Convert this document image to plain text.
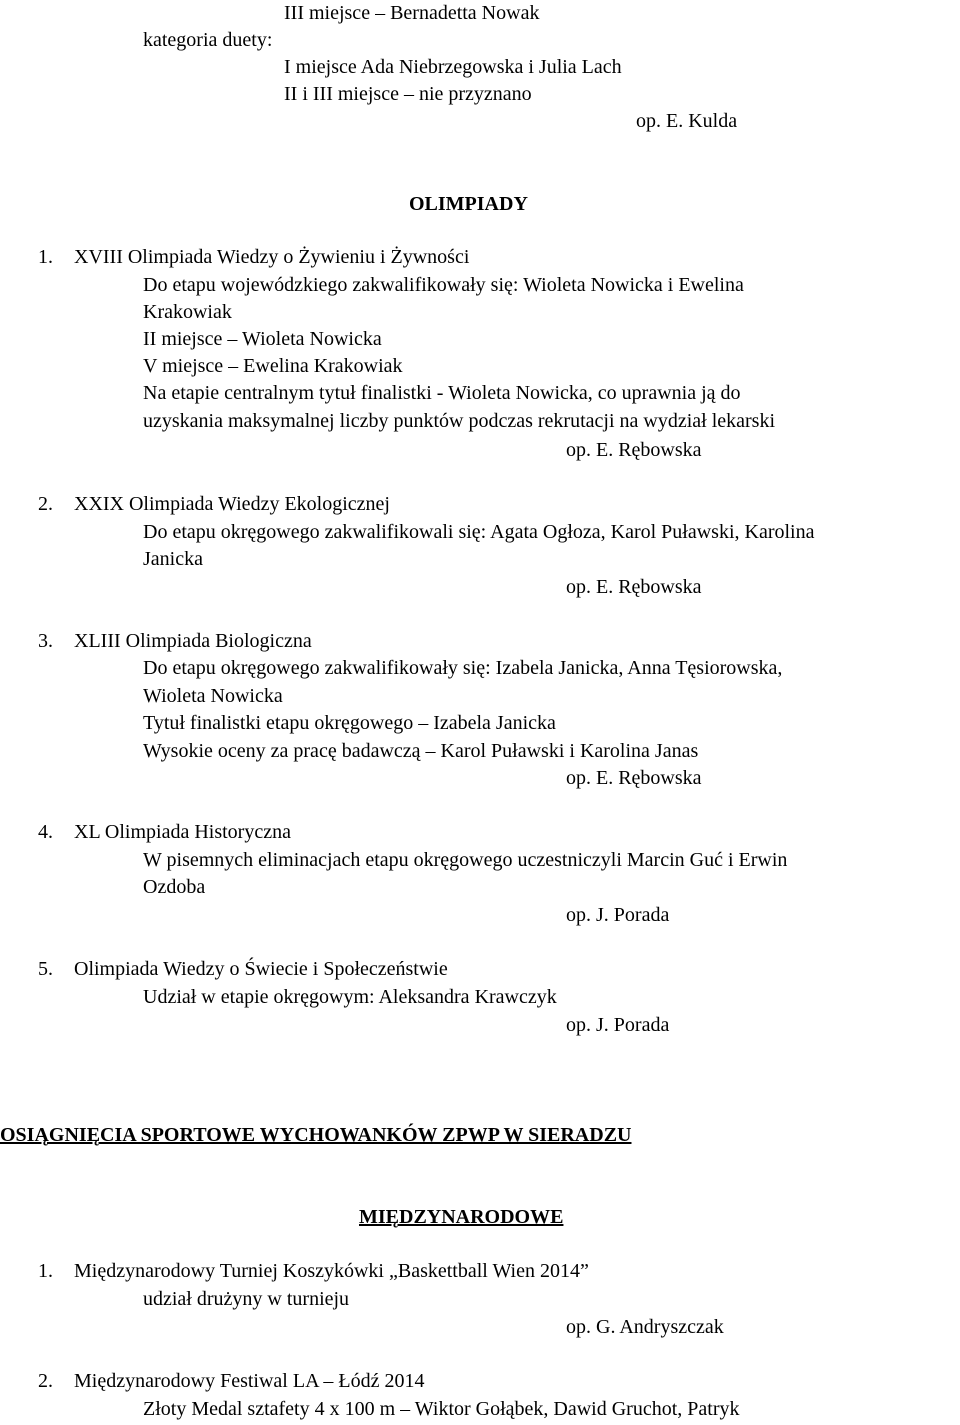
III miejsce – Bernadetta Nowak
kategoria duety:
I miejsce Ada Niebrzegowska i Julia Lach
II i III miejsce – nie przyznano
op. E. Kulda
OLIMPIADY
1. XVIII Olimpiada Wiedzy o Żywieniu i Żywności
Do etapu wojewódzkiego zakwalifikowały się: Wioleta Nowicka i Ewelina
Krakowiak
II miejsce – Wioleta Nowicka
V miejsce – Ewelina Krakowiak
Na etapie centralnym tytuł finalistki - Wioleta Nowicka, co uprawnia ją do
uzyskania maksymalnej liczby punktów podczas rekrutacji na wydział lekarski
op. E. Rębowska
2. XXIX Olimpiada Wiedzy Ekologicznej
Do etapu okręgowego zakwalifikowali się: Agata Ogłoza, Karol Puławski, Karolina
Janicka
op. E. Rębowska
3. XLIII Olimpiada Biologiczna
Do etapu okręgowego zakwalifikowały się: Izabela Janicka, Anna Tęsiorowska,
Wioleta Nowicka
Tytuł finalistki etapu okręgowego – Izabela Janicka
Wysokie oceny za pracę badawczą – Karol Puławski i Karolina Janas
op. E. Rębowska
4. XL Olimpiada Historyczna
W pisemnych eliminacjach etapu okręgowego uczestniczyli Marcin Guć i Erwin
Ozdoba
op. J. Porada
5. Olimpiada Wiedzy o Świecie i Społeczeństwie
Udział w etapie okręgowym: Aleksandra Krawczyk
op. J. Porada
OSIĄGNIĘCIA SPORTOWE WYCHOWANKÓW ZPWP W SIERADZU
MIĘDZYNARODOWE
1. Międzynarodowy Turniej Koszykówki „Baskettball Wien 2014”
udział drużyny w turnieju
op. G. Andryszczak
2. Międzynarodowy Festiwal LA – Łódź 2014
Złoty Medal sztafety 4 x 100 m – Wiktor Gołąbek, Dawid Gruchot, Patryk
